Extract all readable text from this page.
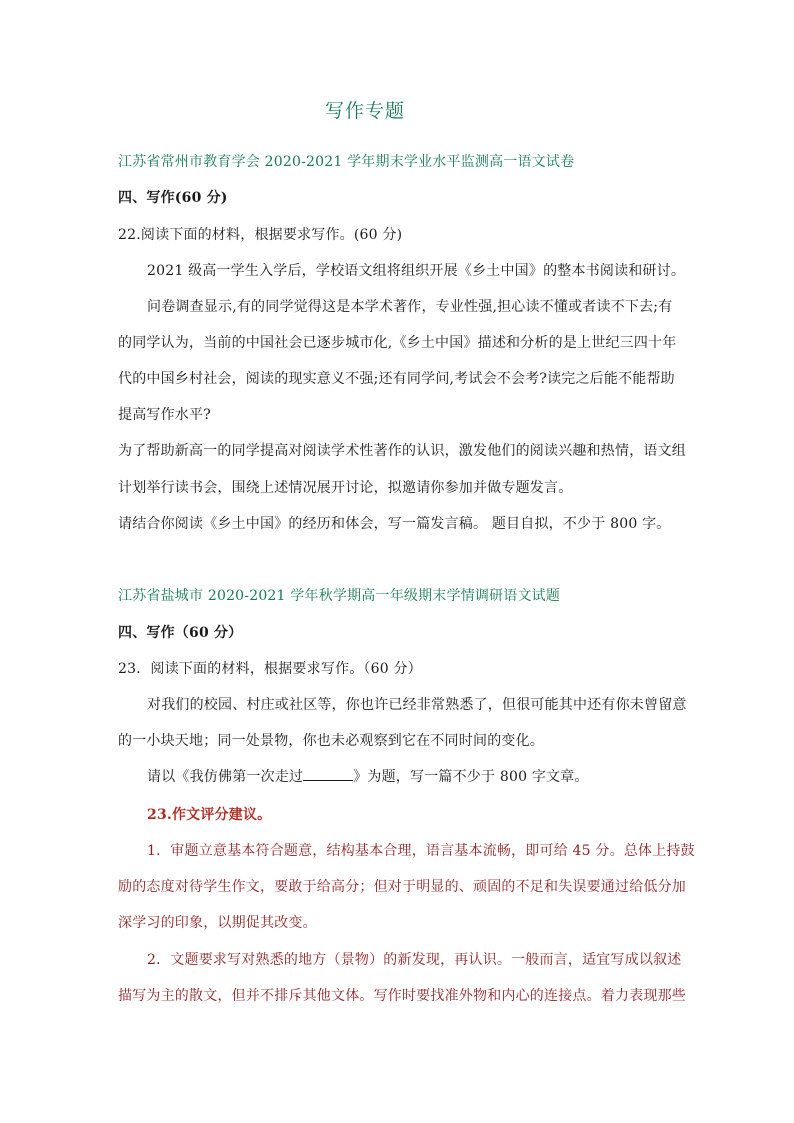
写作专题
江苏省常州市教育学会 2020-2021 学年期末学业水平监测高一语文试卷
四、写作(60 分)
22.阅读下面的材料，根据要求写作。(60 分)
2021 级高一学生入学后，学校语文组将组织开展《乡土中国》的整本书阅读和研讨。
问卷调查显示,有的同学觉得这是本学术著作，专业性强,担心读不懂或者读不下去;有
的同学认为，当前的中国社会已逐步城市化,《乡土中国》描述和分析的是上世纪三四十年
代的中国乡村社会，阅读的现实意义不强;还有同学问,考试会不会考?读完之后能不能帮助
提高写作水平?
为了帮助新高一的同学提高对阅读学术性著作的认识，激发他们的阅读兴趣和热情，语文组
计划举行读书会，围绕上述情况展开讨论，拟邀请你参加并做专题发言。
请结合你阅读《乡土中国》的经历和体会，写一篇发言稿。 题目自拟，不少于 800 字。
江苏省盐城市 2020-2021 学年秋学期高一年级期末学情调研语文试题
四、写作（60 分）
23．阅读下面的材料，根据要求写作。（60 分）
对我们的校园、村庄或社区等，你也许已经非常熟悉了，但很可能其中还有你未曾留意
的一小块天地；同一处景物，你也未必观察到它在不同时间的变化。
请以《我仿佛第一次走过	》为题，写一篇不少于 800 字文章。
23.作文评分建议。
1．审题立意基本符合题意，结构基本合理，语言基本流畅，即可给 45 分。总体上持鼓
励的态度对待学生作文，要敢于给高分；但对于明显的、顽固的不足和失误要通过给低分加
深学习的印象，以期促其改变。
2．文题要求写对熟悉的地方（景物）的新发现，再认识。一般而言，适宜写成以叙述
描写为主的散文，但并不排斥其他文体。写作时要找准外物和内心的连接点。着力表现那些
